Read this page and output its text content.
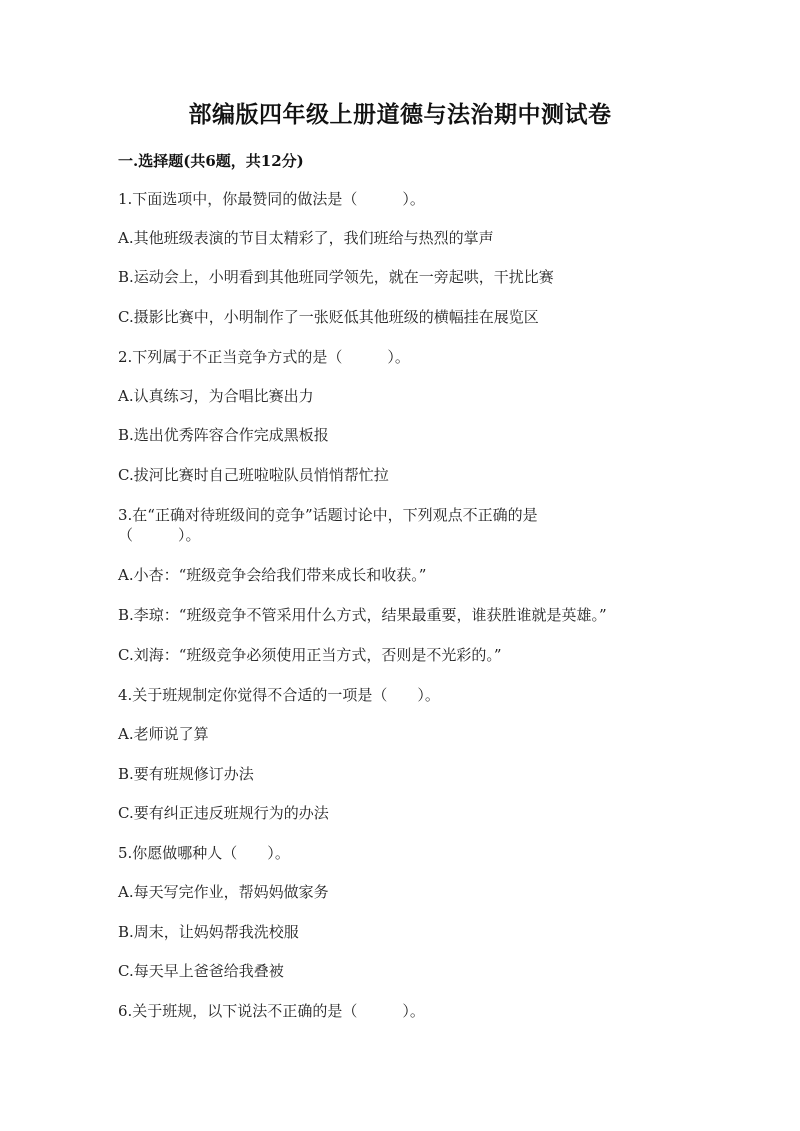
部编版四年级上册道德与法治期中测试卷
一.选择题(共6题，共12分)
1.下面选项中，你最赞同的做法是（　　　）。
A.其他班级表演的节目太精彩了，我们班给与热烈的掌声
B.运动会上，小明看到其他班同学领先，就在一旁起哄，干扰比赛
C.摄影比赛中，小明制作了一张贬低其他班级的横幅挂在展览区
2.下列属于不正当竞争方式的是（　　　）。
A.认真练习，为合唱比赛出力
B.选出优秀阵容合作完成黑板报
C.拔河比赛时自己班啦啦队员悄悄帮忙拉
3.在“正确对待班级间的竞争”话题讨论中，下列观点不正确的是
（　　　）。
A.小杏：“班级竞争会给我们带来成长和收获。”
B.李琼：“班级竞争不管采用什么方式，结果最重要，谁获胜谁就是英雄。”
C.刘海：“班级竞争必须使用正当方式，否则是不光彩的。”
4.关于班规制定你觉得不合适的一项是（　　）。
A.老师说了算
B.要有班规修订办法
C.要有纠正违反班规行为的办法
5.你愿做哪种人（　　）。
A.每天写完作业，帮妈妈做家务
B.周末，让妈妈帮我洗校服
C.每天早上爸爸给我叠被
6.关于班规，以下说法不正确的是（　　　）。
